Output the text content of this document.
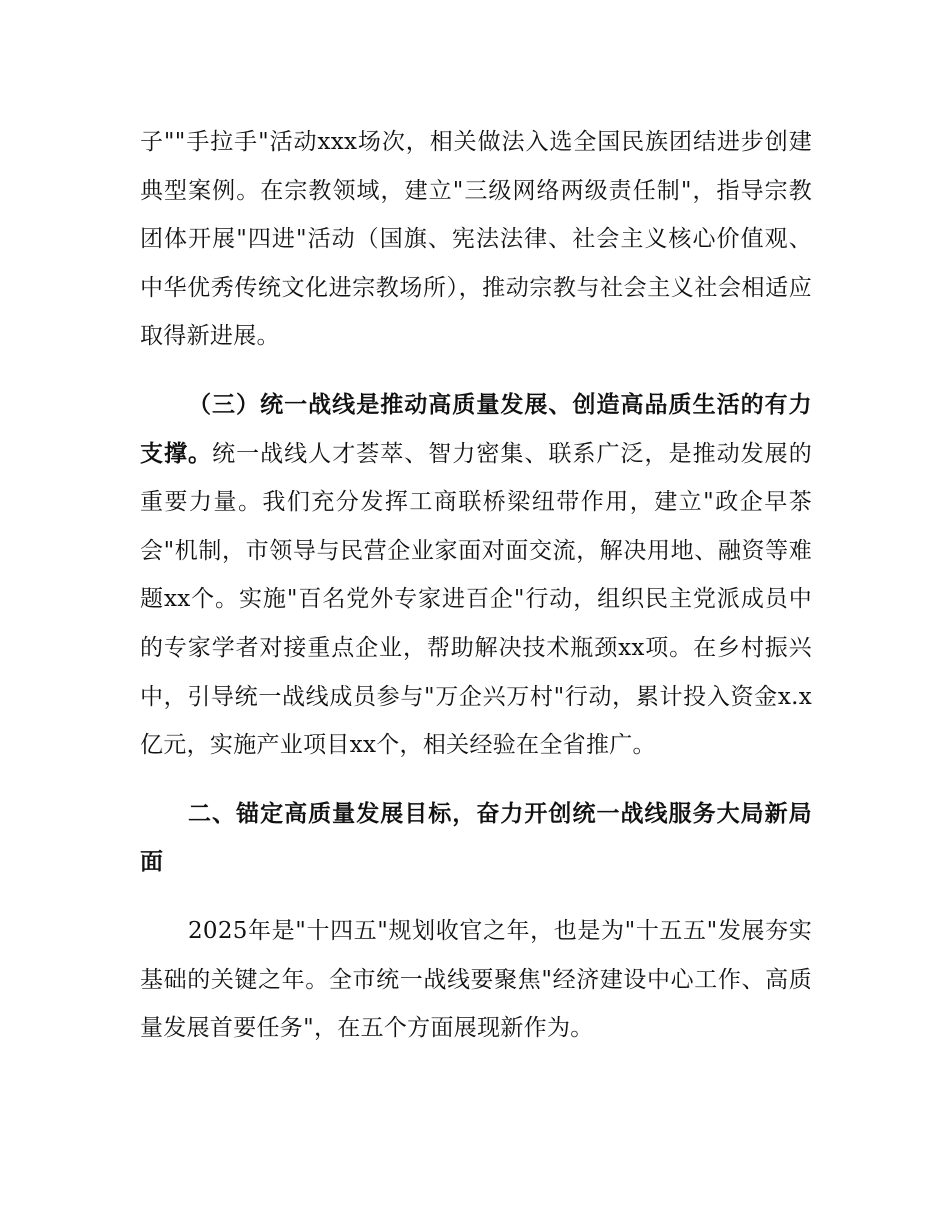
子""手拉手"活动xxx场次，相关做法入选全国民族团结进步创建典型案例。在宗教领域，建立"三级网络两级责任制"，指导宗教团体开展"四进"活动（国旗、宪法法律、社会主义核心价值观、中华优秀传统文化进宗教场所），推动宗教与社会主义社会相适应取得新进展。

（三）统一战线是推动高质量发展、创造高品质生活的有力支撑。统一战线人才荟萃、智力密集、联系广泛，是推动发展的重要力量。我们充分发挥工商联桥梁纽带作用，建立"政企早茶会"机制，市领导与民营企业家面对面交流，解决用地、融资等难题xx个。实施"百名党外专家进百企"行动，组织民主党派成员中的专家学者对接重点企业，帮助解决技术瓶颈xx项。在乡村振兴中，引导统一战线成员参与"万企兴万村"行动，累计投入资金x.x亿元，实施产业项目xx个，相关经验在全省推广。

二、锚定高质量发展目标，奋力开创统一战线服务大局新局面

2025年是"十四五"规划收官之年，也是为"十五五"发展夯实基础的关键之年。全市统一战线要聚焦"经济建设中心工作、高质量发展首要任务"，在五个方面展现新作为。
